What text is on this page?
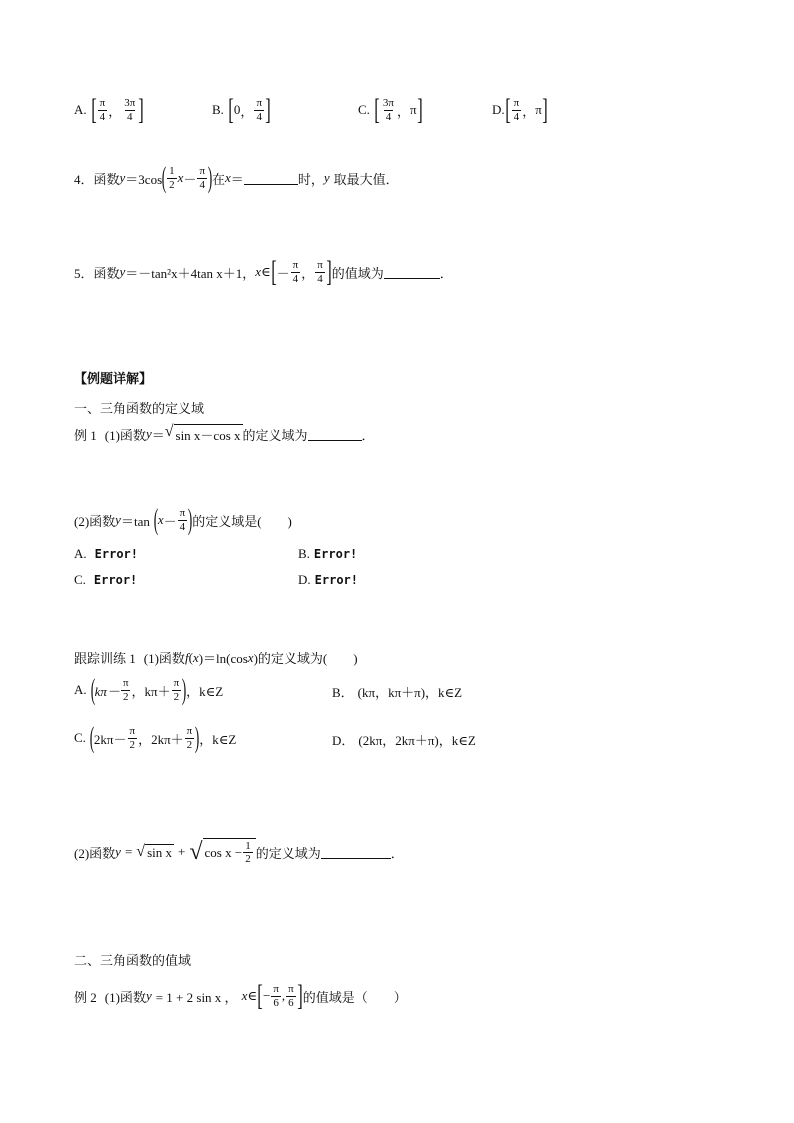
A. [ $\frac{\pi}{4}$ ， $\frac{3\pi}{4}$ ]	B. [ 0 ， $\frac{\pi}{4}$ ]	C. [ $\frac{3\pi}{4}$ ， π ]	D. [ $\frac{\pi}{4}$ ， π ]
4．函数 y ＝3cos ( $\frac{1}{2}$ $x - \frac{\pi}{4}$ ) 在 x ＝	时， y 取最大值．
5．函数 y ＝－tan²x＋4tan x＋1， x ∈ [ － $\frac{\pi}{4}$ ， $\frac{\pi}{4}$ ] 的值域为	．
【例题详解】
一、三角函数的定义域
例 1 (1)函数 y ＝ √ sin x－cos x 的定义域为	．
(2)函数 y ＝tan ( $x - \frac{\pi}{4}$ ) 的定义域是(　　)
A. Error!	B. Error!
C. Error!	D. Error!
跟踪训练 1 (1)函数 f ( x )＝ln(cos x )的定义域为(　　)
A. ( $k\pi- \frac{\pi}{2}$ ，$k\pi+ \frac{\pi}{2}$ ) ，k∈Z	B． (kπ，kπ＋π)，k∈Z
C. ( $2k\pi- \frac{\pi}{2}$ ，$2k\pi+ \frac{\pi}{2}$ ) ，k∈Z	D． (2kπ，2kπ＋π)，k∈Z
(2)函数 y = √ sin x + √ $\cos x - \frac{1}{2}$ 的定义域为	．
二、三角函数的值域
例 2 (1)函数 y = 1 + 2 sin x ， x ∈ [ − $\frac{\pi}{6}$ , $\frac{\pi}{6}$ ] 的值域是（　　）
